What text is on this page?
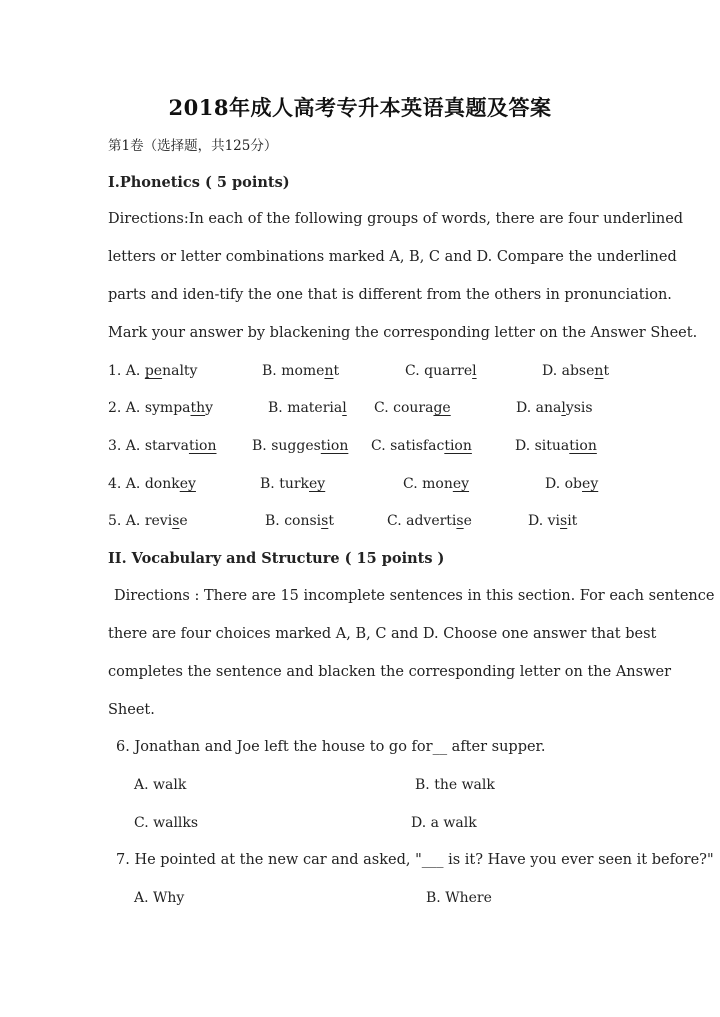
2018年成人高考专升本英语真题及答案
第1卷（选择题，共125分）
I.Phonetics ( 5 points)
Directions:In each of the following groups of words, there are four underlined
letters or letter combinations marked A, B, C and D. Compare the underlined
parts and iden-tify the one that is different from the others in pronunciation.
Mark your answer by blackening the corresponding letter on the Answer Sheet.
1. A. penalty	B. moment	C. quarrel	D. absent
2. A. sympathy	B. material C. courage	D. analysis
3. A. starvation	B. suggestion C. satisfaction	D. situation
4. A. donkey	B. turkey	C. money	D. obey
5. A. revise	B. consist	C. advertise	D. visit
II. Vocabulary and Structure ( 15 points )
Directions : There are 15 incomplete sentences in this section. For each sentence
there are four choices marked A, B, C and D. Choose one answer that best
completes the sentence and blacken the corresponding letter on the Answer
Sheet.
6. Jonathan and Joe left the house to go for__ after supper.
A. walk	B. the walk
C. wallks	D. a walk
7. He pointed at the new car and asked, "___ is it? Have you ever seen it before?"
A. Why	B. Where
